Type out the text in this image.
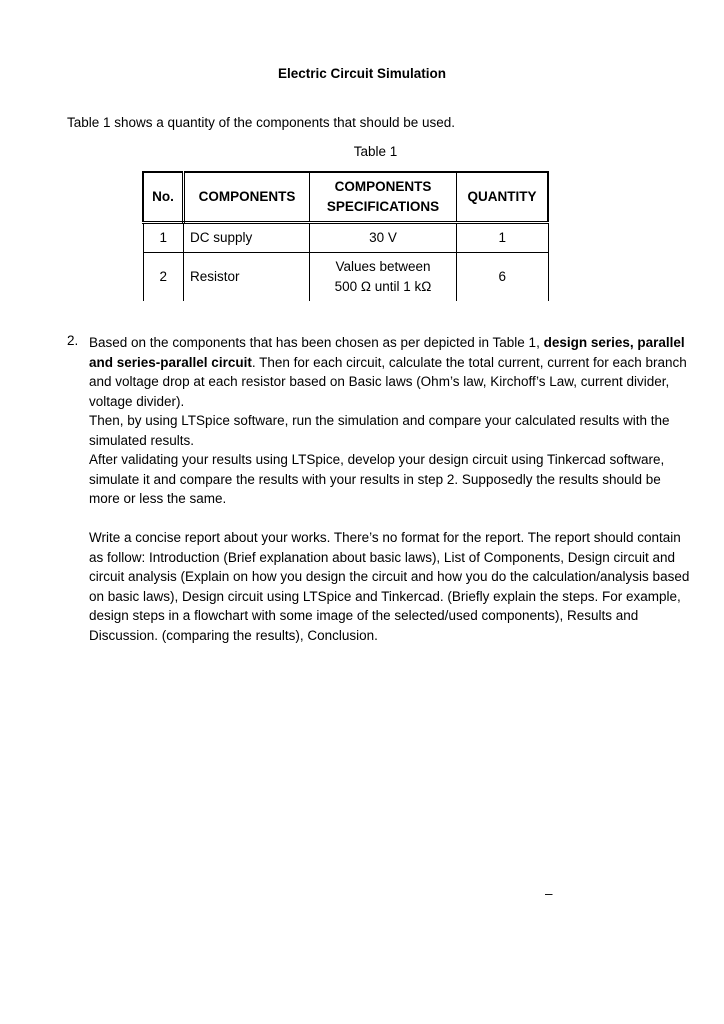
Electric Circuit Simulation
Table 1 shows a quantity of the components that should be used.
Table 1
No.	COMPONENTS	COMPONENTS SPECIFICATIONS	QUANTITY
1	DC supply	30 V	1
2	Resistor	Values between 500 Ω until 1 kΩ	6
2. Based on the components that has been chosen as per depicted in Table 1, design series, parallel and series-parallel circuit. Then for each circuit, calculate the total current, current for each branch and voltage drop at each resistor based on Basic laws (Ohm’s law, Kirchoff’s Law, current divider, voltage divider).

Then, by using LTSpice software, run the simulation and compare your calculated results with the simulated results.

After validating your results using LTSpice, develop your design circuit using Tinkercad software, simulate it and compare the results with your results in step 2. Supposedly the results should be more or less the same.

Write a concise report about your works. There’s no format for the report. The report should contain as follow: Introduction (Brief explanation about basic laws), List of Components, Design circuit and circuit analysis (Explain on how you design the circuit and how you do the calculation/analysis based on basic laws), Design circuit using LTSpice and Tinkercad. (Briefly explain the steps. For example, design steps in a flowchart with some image of the selected/used components), Results and Discussion. (comparing the results), Conclusion.

–
